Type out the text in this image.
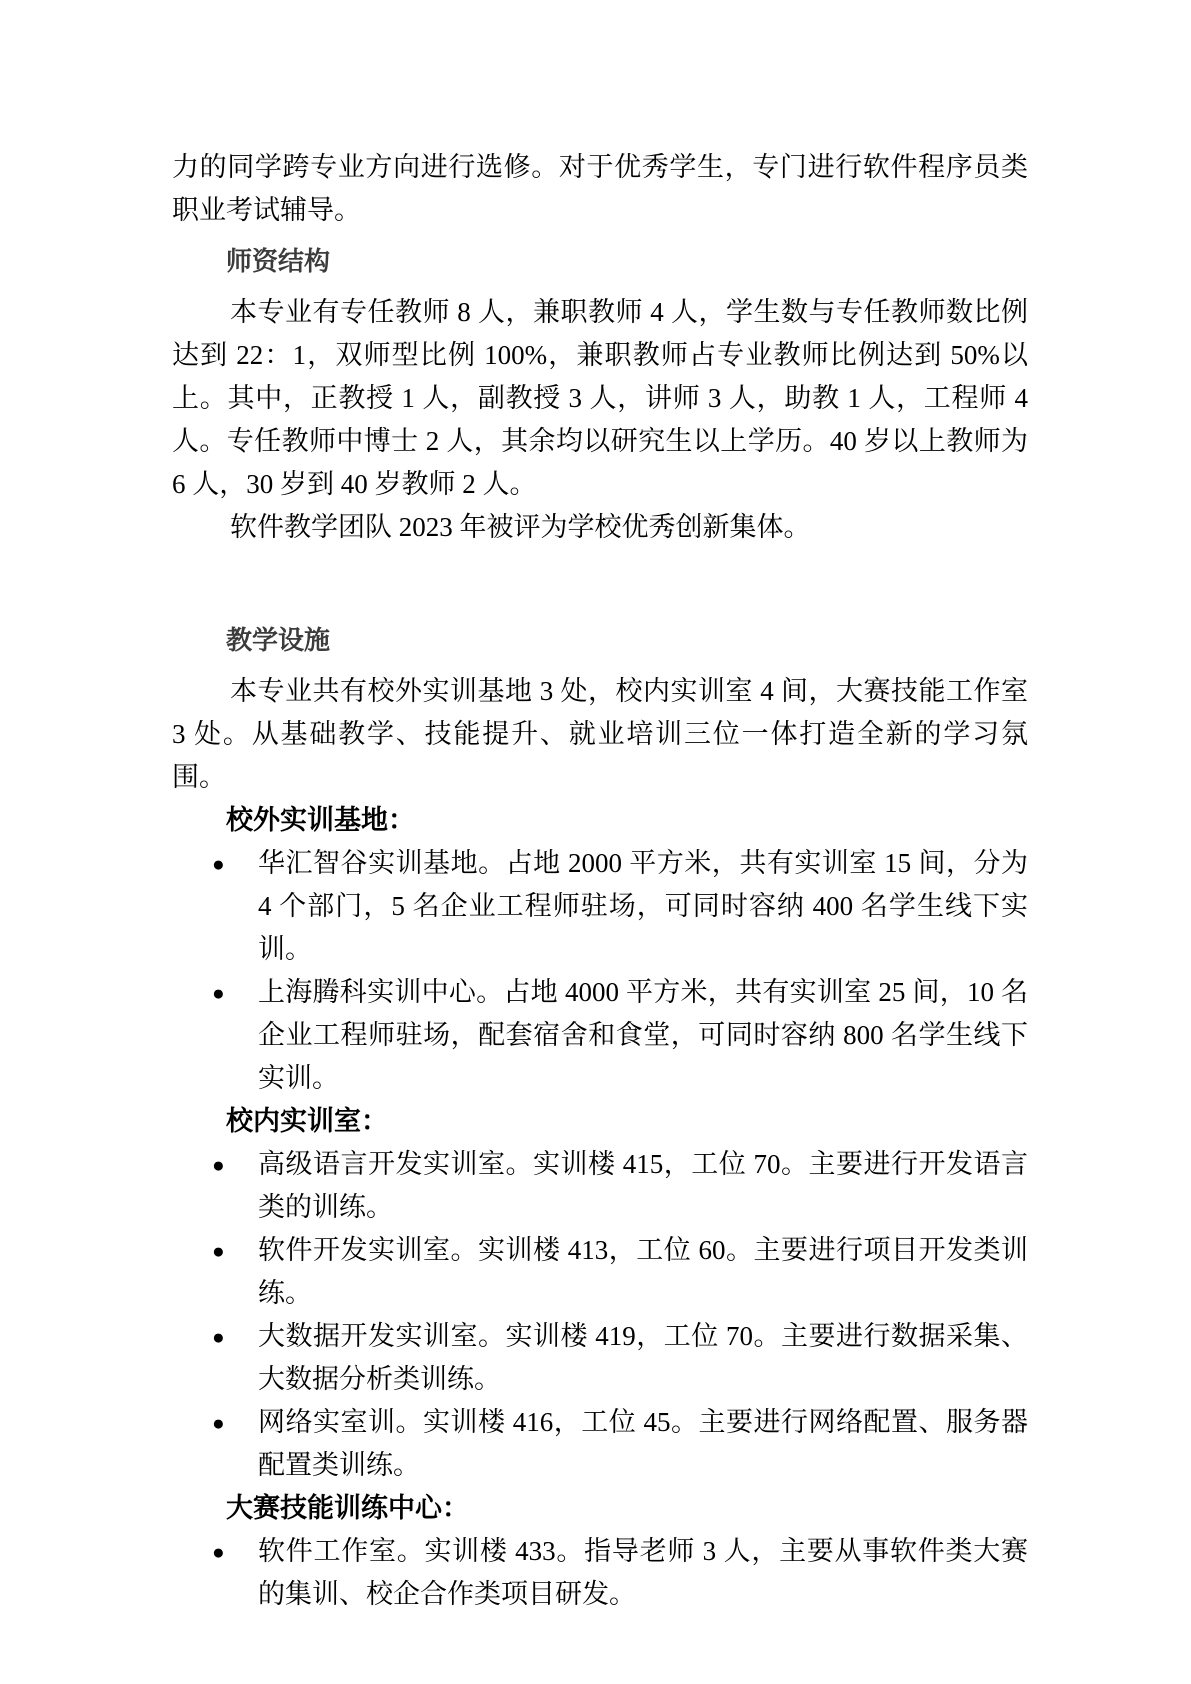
力的同学跨专业方向进行选修。对于优秀学生，专门进行软件程序员类职业考试辅导。

师资结构

本专业有专任教师 8 人，兼职教师 4 人，学生数与专任教师数比例达到 22：1，双师型比例 100%，兼职教师占专业教师比例达到 50%以上。其中，正教授 1 人，副教授 3 人，讲师 3 人，助教 1 人，工程师 4 人。专任教师中博士 2 人，其余均以研究生以上学历。40 岁以上教师为 6 人，30 岁到 40 岁教师 2 人。

软件教学团队 2023 年被评为学校优秀创新集体。

教学设施

本专业共有校外实训基地 3 处，校内实训室 4 间，大赛技能工作室 3 处。从基础教学、技能提升、就业培训三位一体打造全新的学习氛围。

校外实训基地：

● 华汇智谷实训基地。占地 2000 平方米，共有实训室 15 间，分为 4 个部门，5 名企业工程师驻场，可同时容纳 400 名学生线下实训。
● 上海腾科实训中心。占地 4000 平方米，共有实训室 25 间，10 名企业工程师驻场，配套宿舍和食堂，可同时容纳 800 名学生线下实训。

校内实训室：

● 高级语言开发实训室。实训楼 415，工位 70。主要进行开发语言类的训练。
● 软件开发实训室。实训楼 413，工位 60。主要进行项目开发类训练。
● 大数据开发实训室。实训楼 419，工位 70。主要进行数据采集、大数据分析类训练。
● 网络实室训。实训楼 416，工位 45。主要进行网络配置、服务器配置类训练。

大赛技能训练中心：

● 软件工作室。实训楼 433。指导老师 3 人，主要从事软件类大赛的集训、校企合作类项目研发。
